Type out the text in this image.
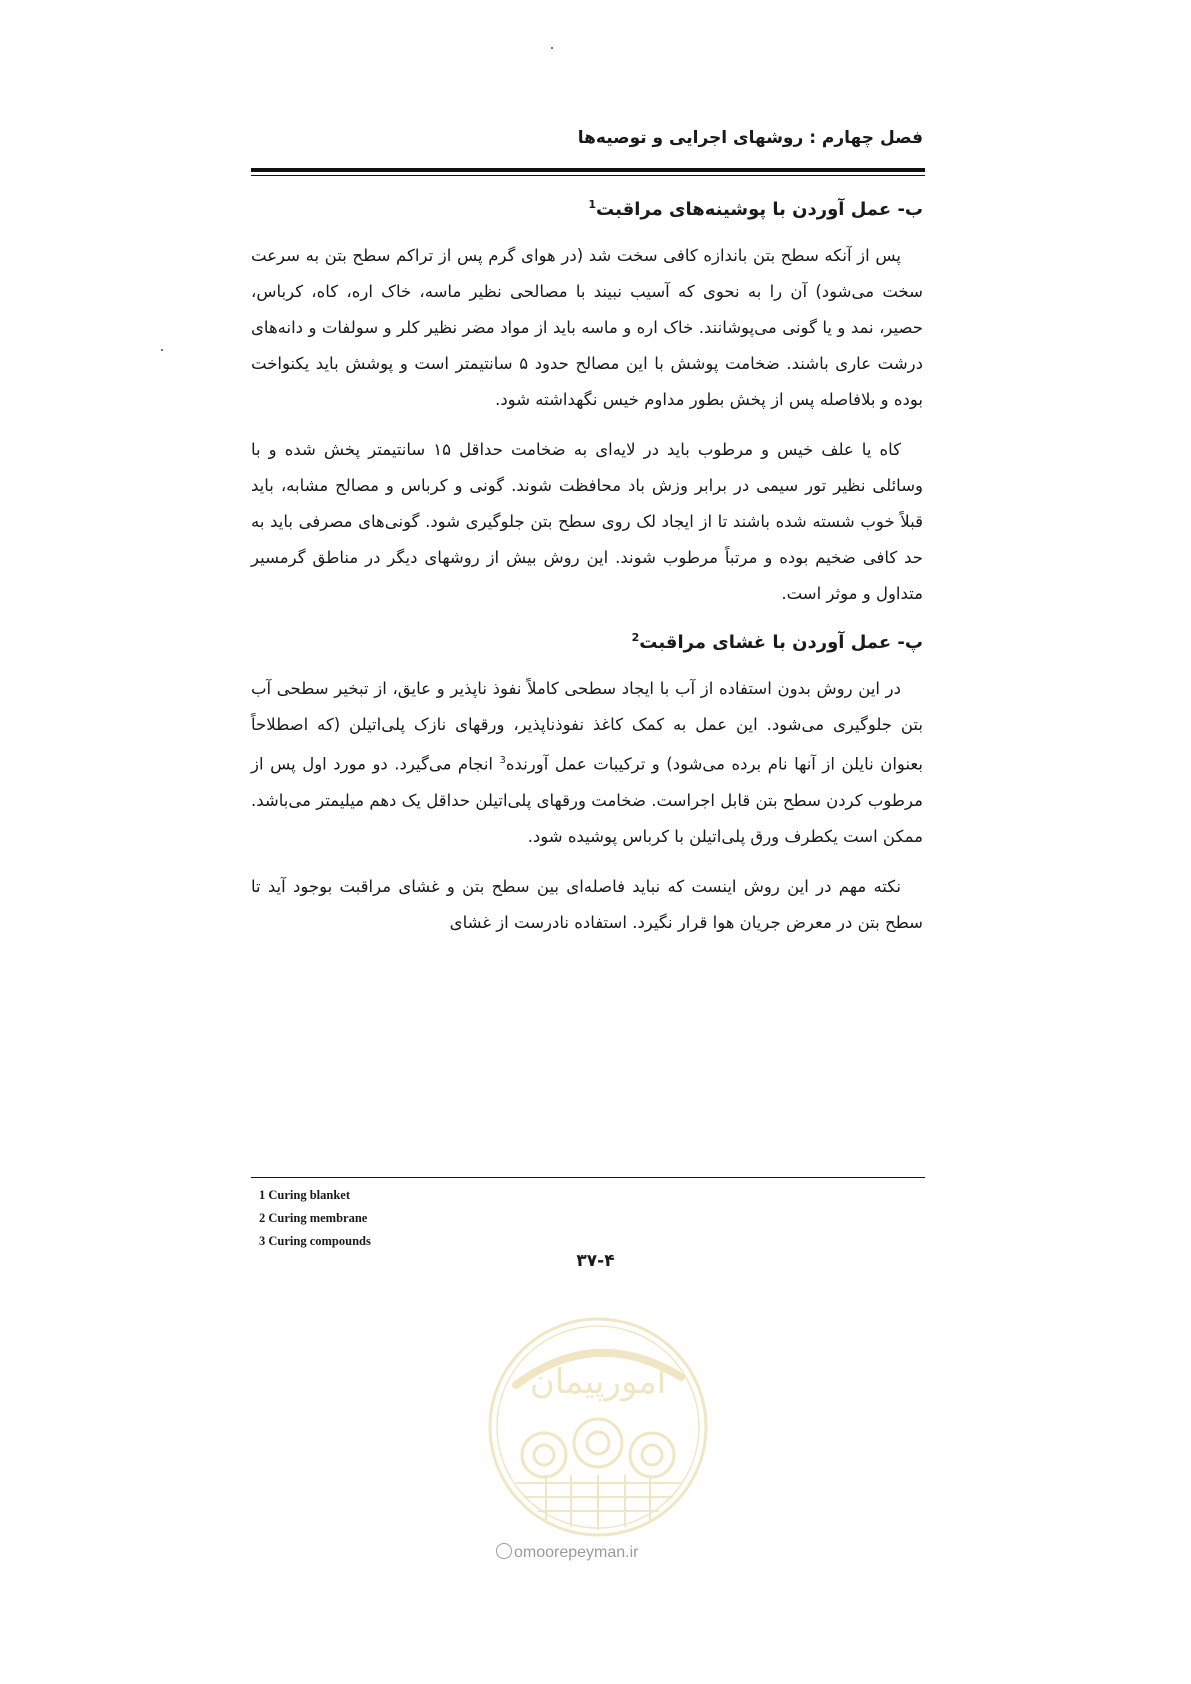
فصل چهارم : روشهای اجرایی و توصیه‌ها
ب- عمل آوردن با پوشینه‌های مراقبت$^1$

پس از آنکه سطح بتن باندازه کافی سخت شد (در هوای گرم پس از تراکم سطح بتن به سرعت سخت می‌شود) آن را به نحوی که آسیب نبیند با مصالحی نظیر ماسه، خاک اره، کاه، کرباس، حصیر، نمد و یا گونی می‌پوشانند. خاک اره و ماسه باید از مواد مضر نظیر کلر و سولفات و دانه‌های درشت عاری باشند. ضخامت پوشش با این مصالح حدود ۵ سانتیمتر است و پوشش باید یکنواخت بوده و بلافاصله پس از پخش بطور مداوم خیس نگهداشته شود.

کاه یا علف خیس و مرطوب باید در لایه‌ای به ضخامت حداقل ۱۵ سانتیمتر پخش شده و با وسائلی نظیر تور سیمی در برابر وزش باد محافظت شوند. گونی و کرباس و مصالح مشابه، باید قبلاً خوب شسته شده باشند تا از ایجاد لک روی سطح بتن جلوگیری شود. گونی‌های مصرفی باید به حد کافی ضخیم بوده و مرتباً مرطوب شوند. این روش بیش از روشهای دیگر در مناطق گرمسیر متداول و موثر است.

پ- عمل آوردن با غشای مراقبت$^2$

در این روش بدون استفاده از آب با ایجاد سطحی کاملاً نفوذ ناپذیر و عایق، از تبخیر سطحی آب بتن جلوگیری می‌شود. این عمل به کمک کاغذ نفوذناپذیر، ورقهای نازک پلی‌اتیلن (که اصطلاحاً بعنوان نایلن از آنها نام برده می‌شود) و ترکیبات عمل آورنده$^3$ انجام می‌گیرد. دو مورد اول پس از مرطوب کردن سطح بتن قابل اجراست. ضخامت ورقهای پلی‌اتیلن حداقل یک دهم میلیمتر می‌باشد. ممکن است یکطرف ورق پلی‌اتیلن با کرباس پوشیده شود.

نکته مهم در این روش اینست که نباید فاصله‌ای بین سطح بتن و غشای مراقبت بوجود آید تا سطح بتن در معرض جریان هوا قرار نگیرد. استفاده نادرست از غشای

1 Curing blanket
2 Curing membrane
3 Curing compounds
۳۷-۴
امورپیمان
omoorepeyman.ir
